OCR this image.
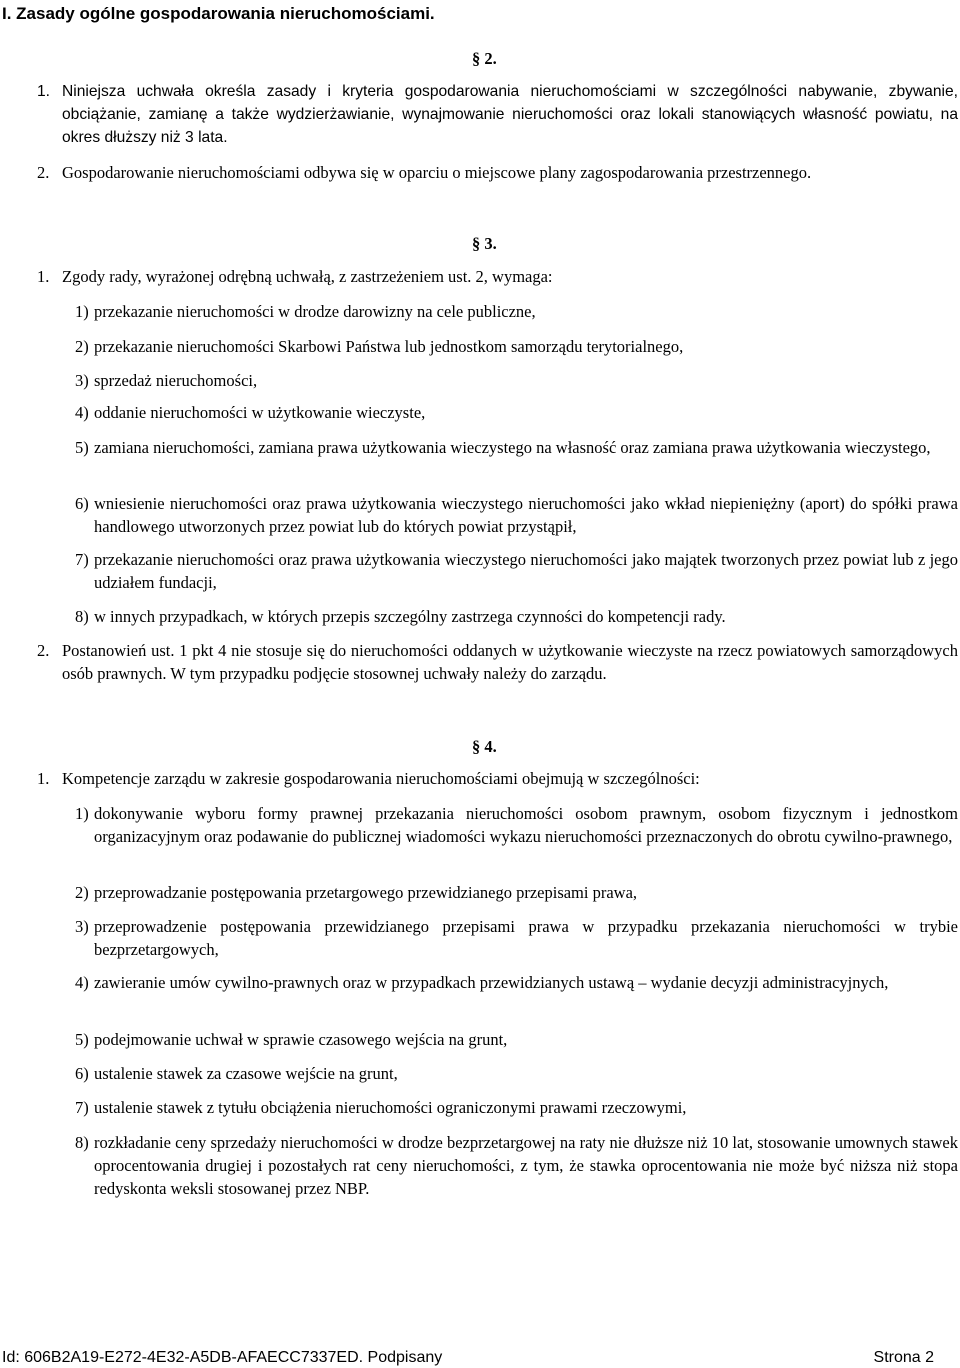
I. Zasady ogólne gospodarowania nieruchomościami.
§ 2.
1. Niniejsza uchwała określa zasady i kryteria gospodarowania nieruchomościami w szczególności nabywanie, zbywanie, obciążanie, zamianę a także wydzierżawianie, wynajmowanie nieruchomości oraz lokali stanowiących własność powiatu, na okres dłuższy niż 3 lata.
2. Gospodarowanie nieruchomościami odbywa się w oparciu o miejscowe plany zagospodarowania przestrzennego.
§ 3.
1. Zgody rady, wyrażonej odrębną uchwałą, z zastrzeżeniem ust. 2, wymaga:
1) przekazanie nieruchomości w drodze darowizny na cele publiczne,
2) przekazanie nieruchomości Skarbowi Państwa lub jednostkom samorządu terytorialnego,
3) sprzedaż nieruchomości,
4) oddanie nieruchomości w użytkowanie wieczyste,
5) zamiana nieruchomości, zamiana prawa użytkowania wieczystego na własność oraz zamiana prawa użytkowania wieczystego,
6) wniesienie nieruchomości oraz prawa użytkowania wieczystego nieruchomości jako wkład niepieniężny (aport) do spółki prawa handlowego utworzonych przez powiat lub do których powiat przystąpił,
7) przekazanie nieruchomości oraz prawa użytkowania wieczystego nieruchomości jako majątek tworzonych przez powiat lub z jego udziałem fundacji,
8) w innych przypadkach, w których przepis szczególny zastrzega czynności do kompetencji rady.
2. Postanowień ust. 1 pkt 4 nie stosuje się do nieruchomości oddanych w użytkowanie wieczyste na rzecz powiatowych samorządowych osób prawnych. W tym przypadku podjęcie stosownej uchwały należy do zarządu.
§ 4.
1. Kompetencje zarządu w zakresie gospodarowania nieruchomościami obejmują w szczególności:
1) dokonywanie wyboru formy prawnej przekazania nieruchomości osobom prawnym, osobom fizycznym i jednostkom organizacyjnym oraz podawanie do publicznej wiadomości wykazu nieruchomości przeznaczonych do obrotu cywilno-prawnego,
2) przeprowadzanie postępowania przetargowego przewidzianego przepisami prawa,
3) przeprowadzenie postępowania przewidzianego przepisami prawa w przypadku przekazania nieruchomości w trybie bezprzetargowych,
4) zawieranie umów cywilno-prawnych oraz w przypadkach przewidzianych ustawą – wydanie decyzji administracyjnych,
5) podejmowanie uchwał w sprawie czasowego wejścia na grunt,
6) ustalenie stawek za czasowe wejście na grunt,
7) ustalenie stawek z tytułu obciążenia nieruchomości ograniczonymi prawami rzeczowymi,
8) rozkładanie ceny sprzedaży nieruchomości w drodze bezprzetargowej na raty nie dłuższe niż 10 lat, stosowanie umownych stawek oprocentowania drugiej i pozostałych rat ceny nieruchomości, z tym, że stawka oprocentowania nie może być niższa niż stopa redyskonta weksli stosowanej przez NBP.
Id: 606B2A19-E272-4E32-A5DB-AFAECC7337ED. Podpisany	Strona 2
